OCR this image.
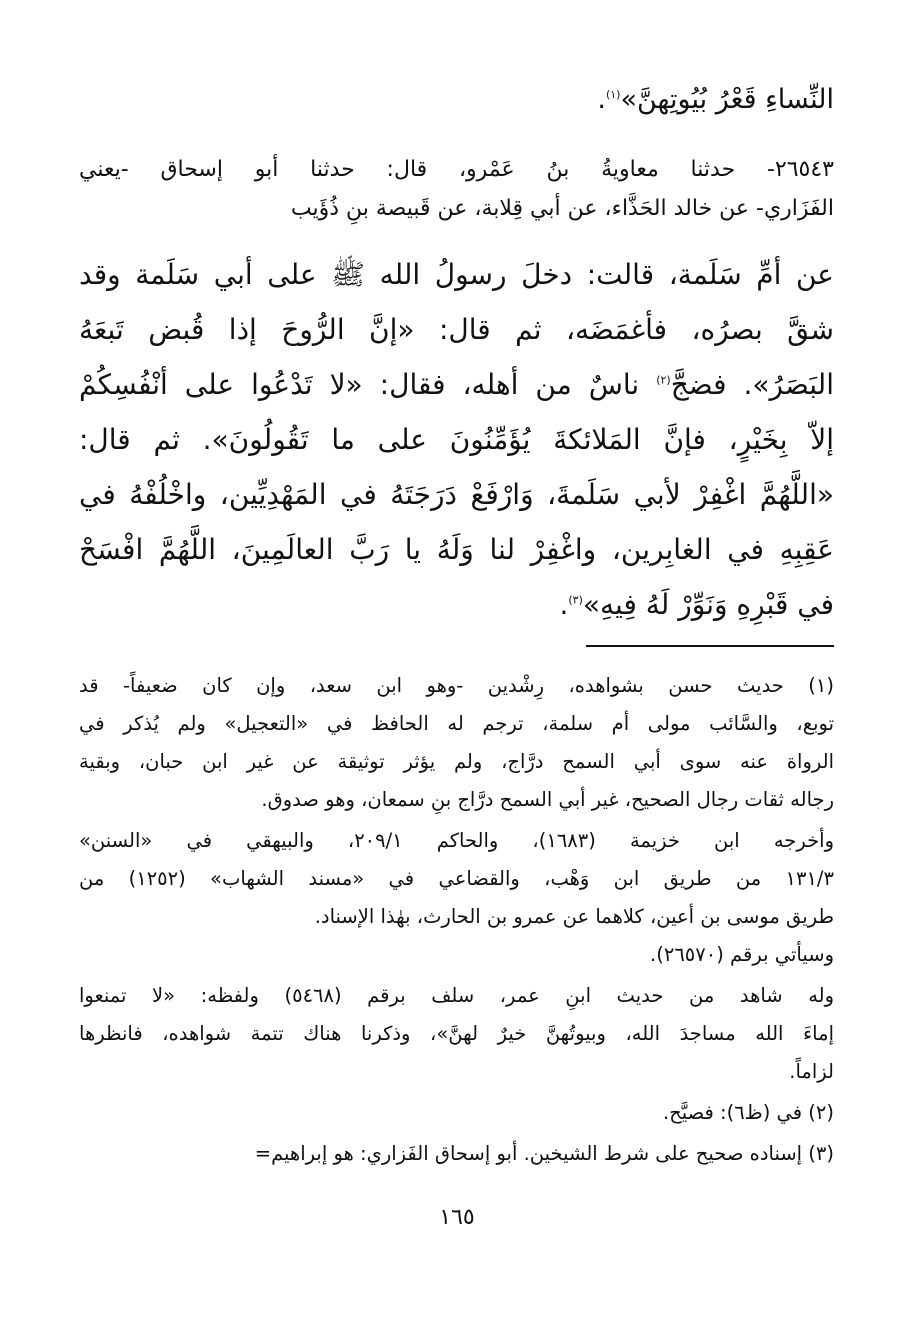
النِّساءِ قَعْرُ بُيُوتِهنَّ»$^{(١)}$.
٢٦٥٤٣- حدثنا معاويةُ بنُ عَمْرو، قال: حدثنا أبو إسحاق -يعني
الفَزَاري- عن خالد الحَذَّاء، عن أبي قِلابة، عن قَبيصة بنِ ذُؤَيب
عن أمِّ سَلَمة، قالت: دخلَ رسولُ الله ﷺ على أبي سَلَمة وقد
شقَّ بصرُه، فأغمَضَه، ثم قال: «إنَّ الرُّوحَ إذا قُبض تَبعَهُ
البَصَرُ». فضجَّ$^{(٢)}$ ناسٌ من أهله، فقال: «لا تَدْعُوا على أنْفُسِكُمْ
إلاّ بِخَيْرٍ، فإنَّ المَلائكةَ يُؤَمِّنُونَ على ما تَقُولُونَ». ثم قال:
«اللَّهُمَّ اغْفِرْ لأبي سَلَمةَ، وَارْفَعْ دَرَجَتَهُ في المَهْدِيِّين، واخْلُفْهُ في
عَقِبِهِ في الغابِرين، واغْفِرْ لنا وَلَهُ يا رَبَّ العالَمِينَ، اللَّهُمَّ افْسَحْ
في قَبْرِهِ وَنَوِّرْ لَهُ فِيهِ»$^{(٣)}$.
(١) حديث حسن بشواهده، رِشْدين -وهو ابن سعد، وإن كان ضعيفاً- قد
توبع، والسَّائب مولى أم سلمة، ترجم له الحافظ في «التعجيل» ولم يُذكر في
الرواة عنه سوى أبي السمح درَّاج، ولم يؤثر توثيقة عن غير ابن حبان، وبقية
رجاله ثقات رجال الصحيح، غير أبي السمح درَّاج بنِ سمعان، وهو صدوق.
وأخرجه ابن خزيمة (١٦٨٣)، والحاكم ٢٠٩/١، والبيهقي في «السنن»
١٣١/٣ من طريق ابن وَهْب، والقضاعي في «مسند الشهاب» (١٢٥٢) من
طريق موسى بن أعين، كلاهما عن عمرو بن الحارث، بهٰذا الإسناد.
وسيأتي برقم (٢٦٥٧٠).
وله شاهد من حديث ابنِ عمر، سلف برقم (٥٤٦٨) ولفظه: «لا تمنعوا
إماءَ الله مساجدَ الله، وبيوتُهنَّ خيرٌ لهنَّ»، وذكرنا هناك تتمة شواهده، فانظرها
لزاماً.
(٢) في (ظ٦): فصيَّح.
(٣) إسناده صحيح على شرط الشيخين. أبو إسحاق الفَزاري: هو إبراهيم=
١٦٥
